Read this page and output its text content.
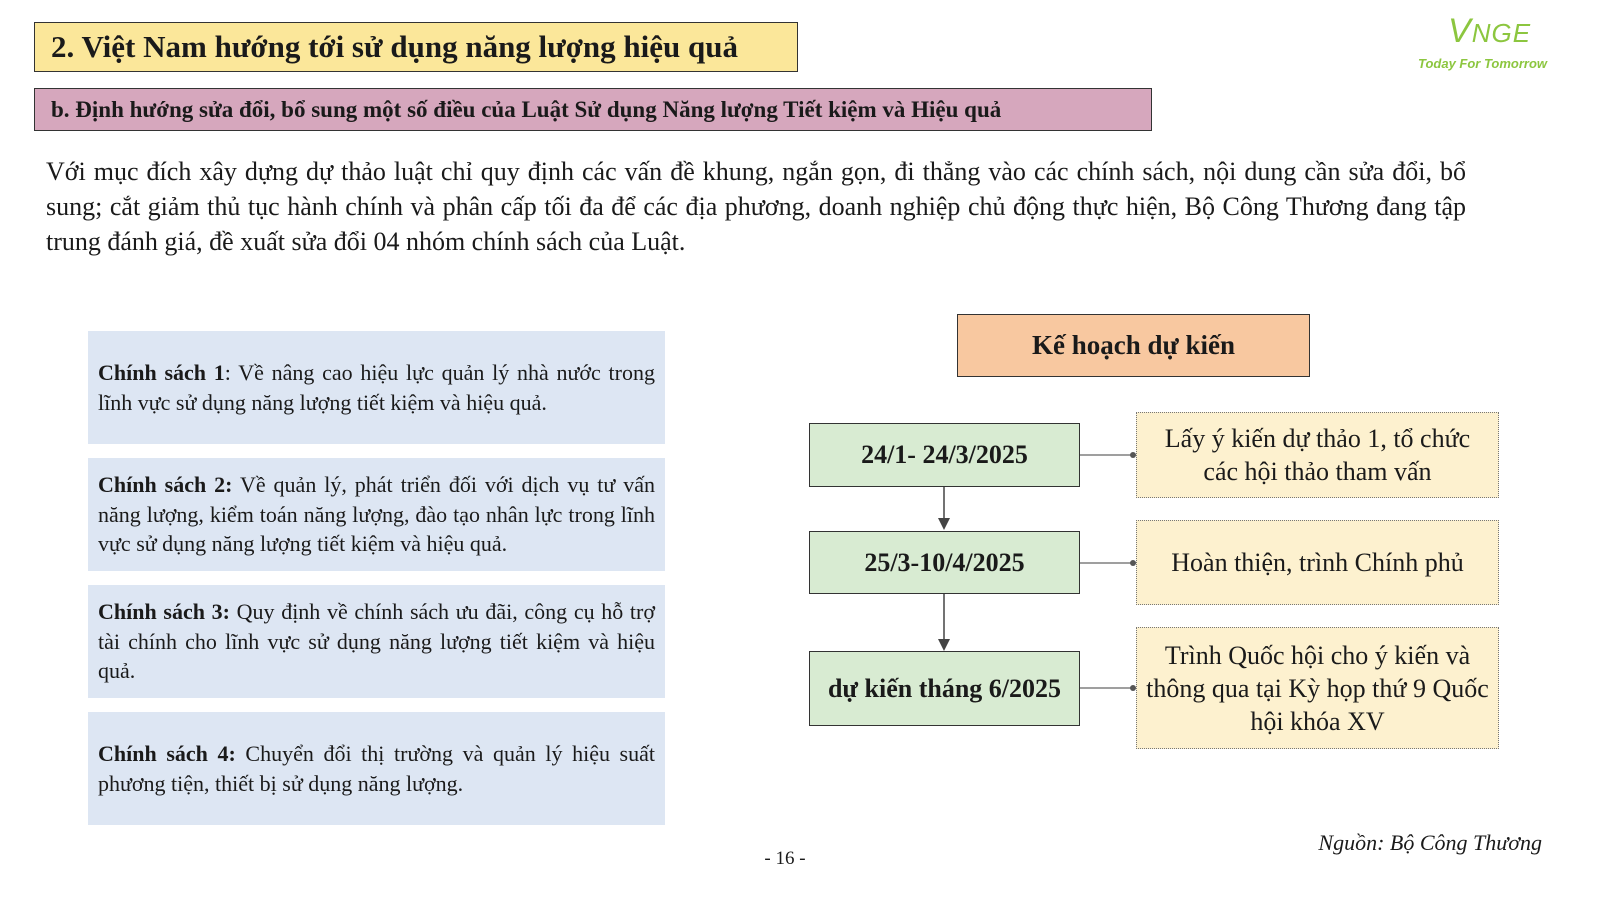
2. Việt Nam hướng tới sử dụng năng lượng hiệu quả
b. Định hướng sửa đổi, bổ sung một số điều của Luật Sử dụng Năng lượng Tiết kiệm và Hiệu quả
VNGE
Today For Tomorrow

Với mục đích xây dựng dự thảo luật chỉ quy định các vấn đề khung, ngắn gọn, đi thẳng vào các chính sách, nội dung cần sửa đổi, bổ sung; cắt giảm thủ tục hành chính và phân cấp tối đa để các địa phương, doanh nghiệp chủ động thực hiện, Bộ Công Thương đang tập trung đánh giá, đề xuất sửa đổi 04 nhóm chính sách của Luật.

Chính sách 1: Về nâng cao hiệu lực quản lý nhà nước trong lĩnh vực sử dụng năng lượng tiết kiệm và hiệu quả.

Chính sách 2: Về quản lý, phát triển đối với dịch vụ tư vấn năng lượng, kiểm toán năng lượng, đào tạo nhân lực trong lĩnh vực sử dụng năng lượng tiết kiệm và hiệu quả.

Chính sách 3: Quy định về chính sách ưu đãi, công cụ hỗ trợ tài chính cho lĩnh vực sử dụng năng lượng tiết kiệm và hiệu quả.

Chính sách 4: Chuyển đổi thị trường và quản lý hiệu suất phương tiện, thiết bị sử dụng năng lượng.

Kế hoạch dự kiến
24/1- 24/3/2025
25/3-10/4/2025
dự kiến tháng 6/2025
Lấy ý kiến dự thảo 1, tổ chức các hội thảo tham vấn
Hoàn thiện, trình Chính phủ
Trình Quốc hội cho ý kiến và thông qua tại Kỳ họp thứ 9 Quốc hội khóa XV
Nguồn: Bộ Công Thương
- 16 -
